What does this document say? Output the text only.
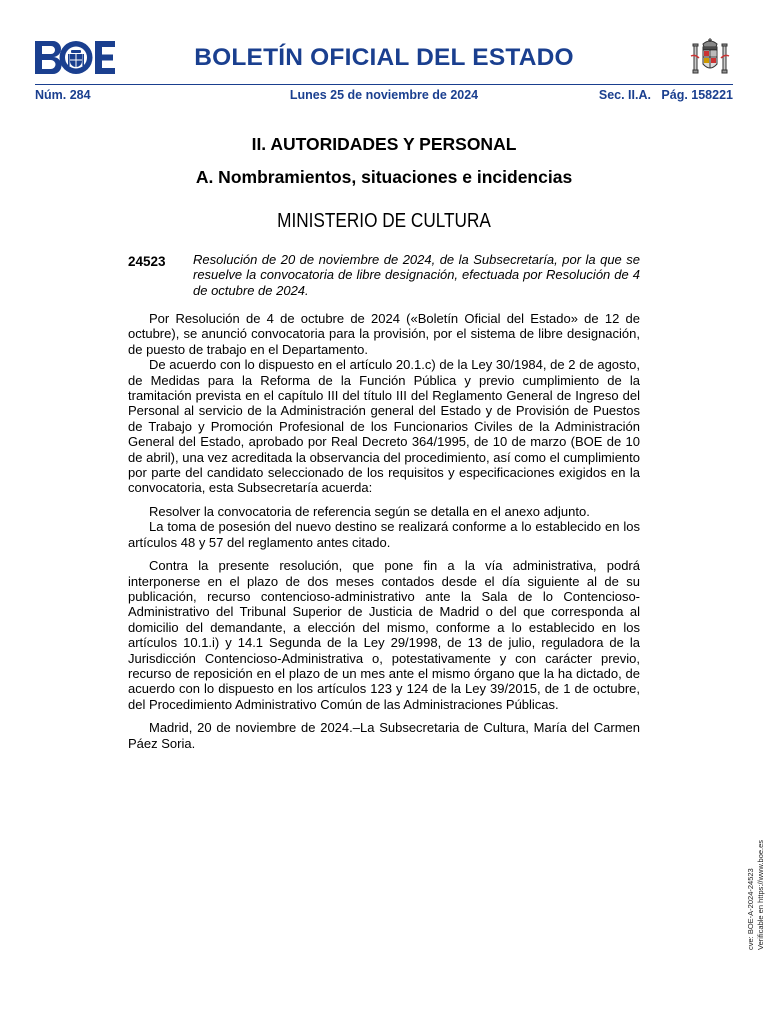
BOLETÍN OFICIAL DEL ESTADO
Núm. 284	Lunes 25 de noviembre de 2024	Sec. II.A. Pág. 158221
II. AUTORIDADES Y PERSONAL
A. Nombramientos, situaciones e incidencias
MINISTERIO DE CULTURA
24523 Resolución de 20 de noviembre de 2024, de la Subsecretaría, por la que se resuelve la convocatoria de libre designación, efectuada por Resolución de 4 de octubre de 2024.

Por Resolución de 4 de octubre de 2024 («Boletín Oficial del Estado» de 12 de octubre), se anunció convocatoria para la provisión, por el sistema de libre designación, de puesto de trabajo en el Departamento.

De acuerdo con lo dispuesto en el artículo 20.1.c) de la Ley 30/1984, de 2 de agosto, de Medidas para la Reforma de la Función Pública y previo cumplimiento de la tramitación prevista en el capítulo III del título III del Reglamento General de Ingreso del Personal al servicio de la Administración general del Estado y de Provisión de Puestos de Trabajo y Promoción Profesional de los Funcionarios Civiles de la Administración General del Estado, aprobado por Real Decreto 364/1995, de 10 de marzo (BOE de 10 de abril), una vez acreditada la observancia del procedimiento, así como el cumplimiento por parte del candidato seleccionado de los requisitos y especificaciones exigidos en la convocatoria, esta Subsecretaría acuerda:

Resolver la convocatoria de referencia según se detalla en el anexo adjunto.

La toma de posesión del nuevo destino se realizará conforme a lo establecido en los artículos 48 y 57 del reglamento antes citado.

Contra la presente resolución, que pone fin a la vía administrativa, podrá interponerse en el plazo de dos meses contados desde el día siguiente al de su publicación, recurso contencioso-administrativo ante la Sala de lo Contencioso-Administrativo del Tribunal Superior de Justicia de Madrid o del que corresponda al domicilio del demandante, a elección del mismo, conforme a lo establecido en los artículos 10.1.i) y 14.1 Segunda de la Ley 29/1998, de 13 de julio, reguladora de la Jurisdicción Contencioso-Administrativa o, potestativamente y con carácter previo, recurso de reposición en el plazo de un mes ante el mismo órgano que la ha dictado, de acuerdo con lo dispuesto en los artículos 123 y 124 de la Ley 39/2015, de 1 de octubre, del Procedimiento Administrativo Común de las Administraciones Públicas.

Madrid, 20 de noviembre de 2024.–La Subsecretaria de Cultura, María del Carmen Páez Soria.

cve: BOE-A-2024-24523 Verificable en https://www.boe.es
